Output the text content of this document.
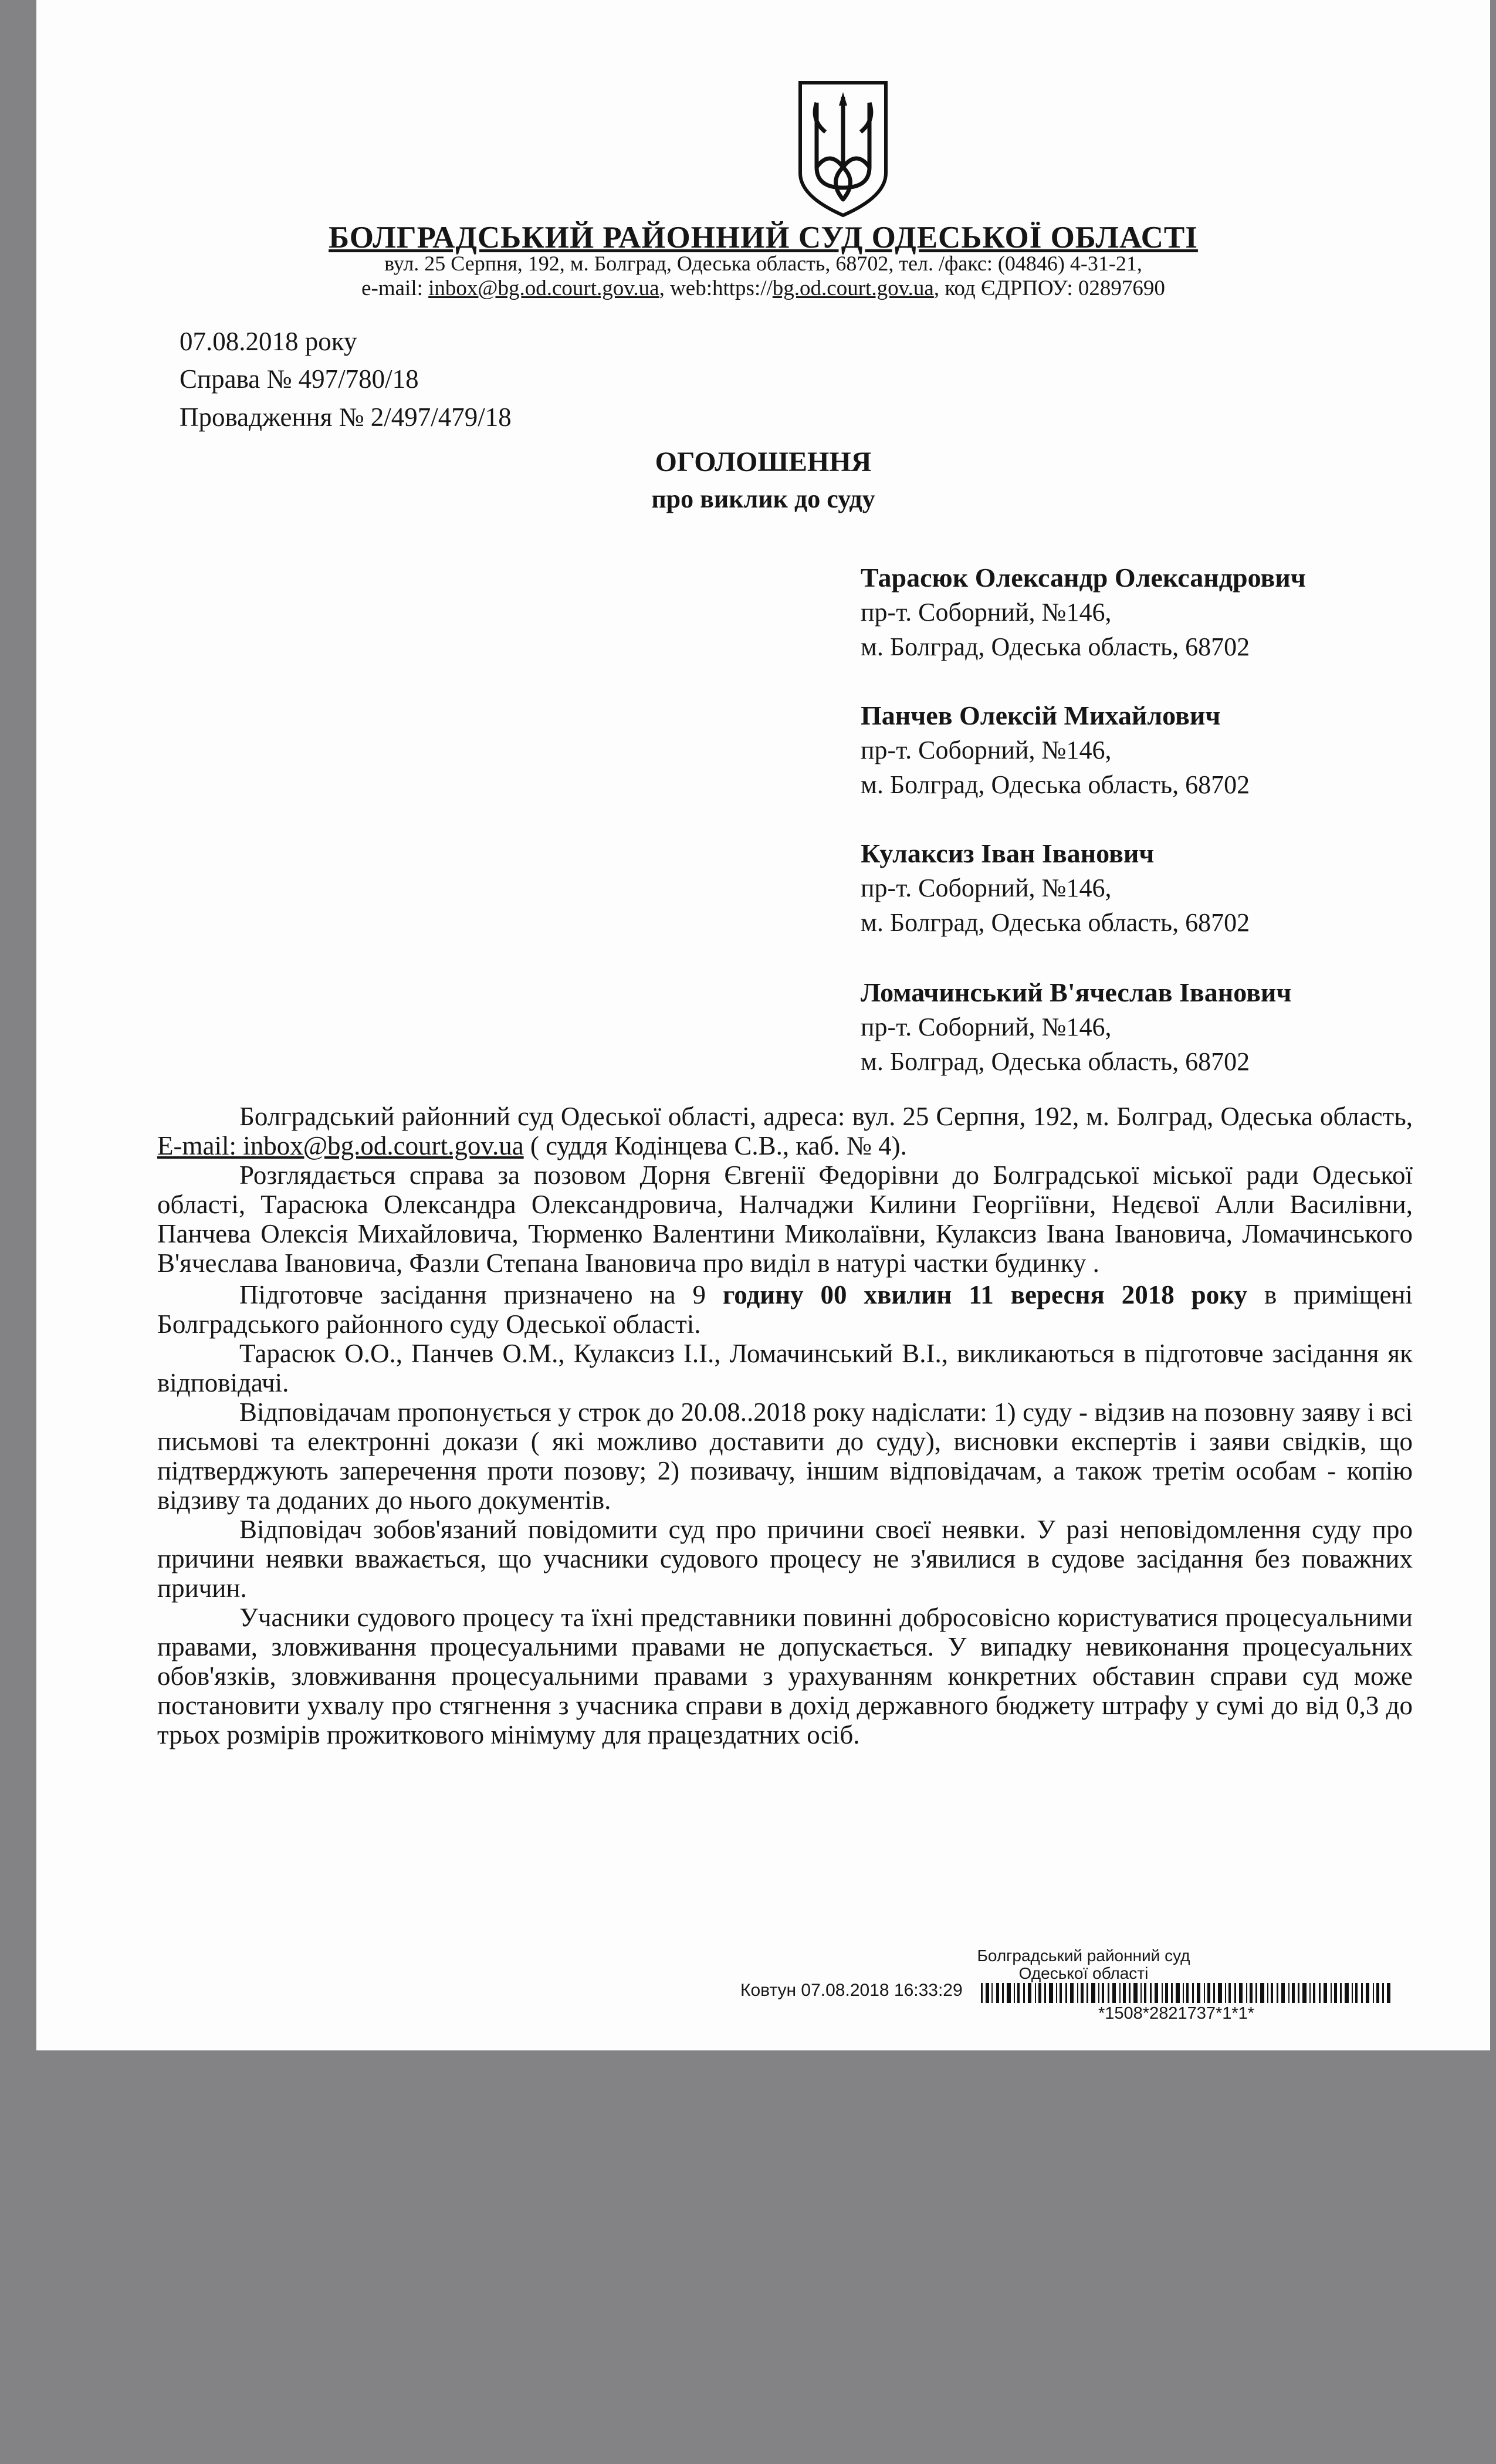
БОЛГРАДСЬКИЙ РАЙОННИЙ СУД ОДЕСЬКОЇ ОБЛАСТІ
вул. 25 Серпня, 192, м. Болград, Одеська область, 68702, тел. /факс: (04846) 4-31-21,
e-mail: inbox@bg.od.court.gov.ua, web:https://bg.od.court.gov.ua, код ЄДРПОУ: 02897690
07.08.2018 року
Справа № 497/780/18
Провадження № 2/497/479/18
ОГОЛОШЕННЯ
про виклик до суду
Тарасюк Олександр Олександрович
пр-т. Соборний, №146,
м. Болград, Одеська область, 68702
Панчев Олексій Михайлович
пр-т. Соборний, №146,
м. Болград, Одеська область, 68702
Кулаксиз Іван Іванович
пр-т. Соборний, №146,
м. Болград, Одеська область, 68702
Ломачинський В'ячеслав Іванович
пр-т. Соборний, №146,
м. Болград, Одеська область, 68702

Болградський районний суд Одеської області, адреса: вул. 25 Серпня, 192, м. Болград, Одеська область, E-mail: inbox@bg.od.court.gov.ua ( суддя Кодінцева С.В., каб. № 4).

Розглядається справа за позовом Дорня Євгенії Федорівни до Болградської міської ради Одеської області, Тарасюка Олександра Олександровича, Налчаджи Килини Георгіївни, Недєвої Алли Василівни, Панчева Олексія Михайловича, Тюрменко Валентини Миколаївни, Кулаксиз Івана Івановича, Ломачинського В'ячеслава Івановича, Фазли Степана Івановича про виділ в натурі частки будинку .

Підготовче засідання призначено на 9 годину 00 хвилин 11 вересня 2018 року в приміщені Болградського районного суду Одеської області.

Тарасюк О.О., Панчев О.М., Кулаксиз І.І., Ломачинський В.І., викликаються в підготовче засідання як відповідачі.

Відповідачам пропонується у строк до 20.08..2018 року надіслати: 1) суду - відзив на позовну заяву і всі письмові та електронні докази ( які можливо доставити до суду), висновки експертів і заяви свідків, що підтверджують заперечення проти позову; 2) позивачу, іншим відповідачам, а також третім особам - копію відзиву та доданих до нього документів.

Відповідач зобов'язаний повідомити суд про причини своєї неявки. У разі неповідомлення суду про причини неявки вважається, що учасники судового процесу не з'явилися в судове засідання без поважних причин.

Учасники судового процесу та їхні представники повинні добросовісно користуватися процесуальними правами, зловживання процесуальними правами не допускається. У випадку невиконання процесуальних обов'язків, зловживання процесуальними правами з урахуванням конкретних обставин справи суд може постановити ухвалу про стягнення з учасника справи в дохід державного бюджету штрафу у сумі до від 0,3 до трьох розмірів прожиткового мінімуму для працездатних осіб.

Болградський районний суд
Одеської області
Ковтун 07.08.2018 16:33:29
*1508*2821737*1*1*
